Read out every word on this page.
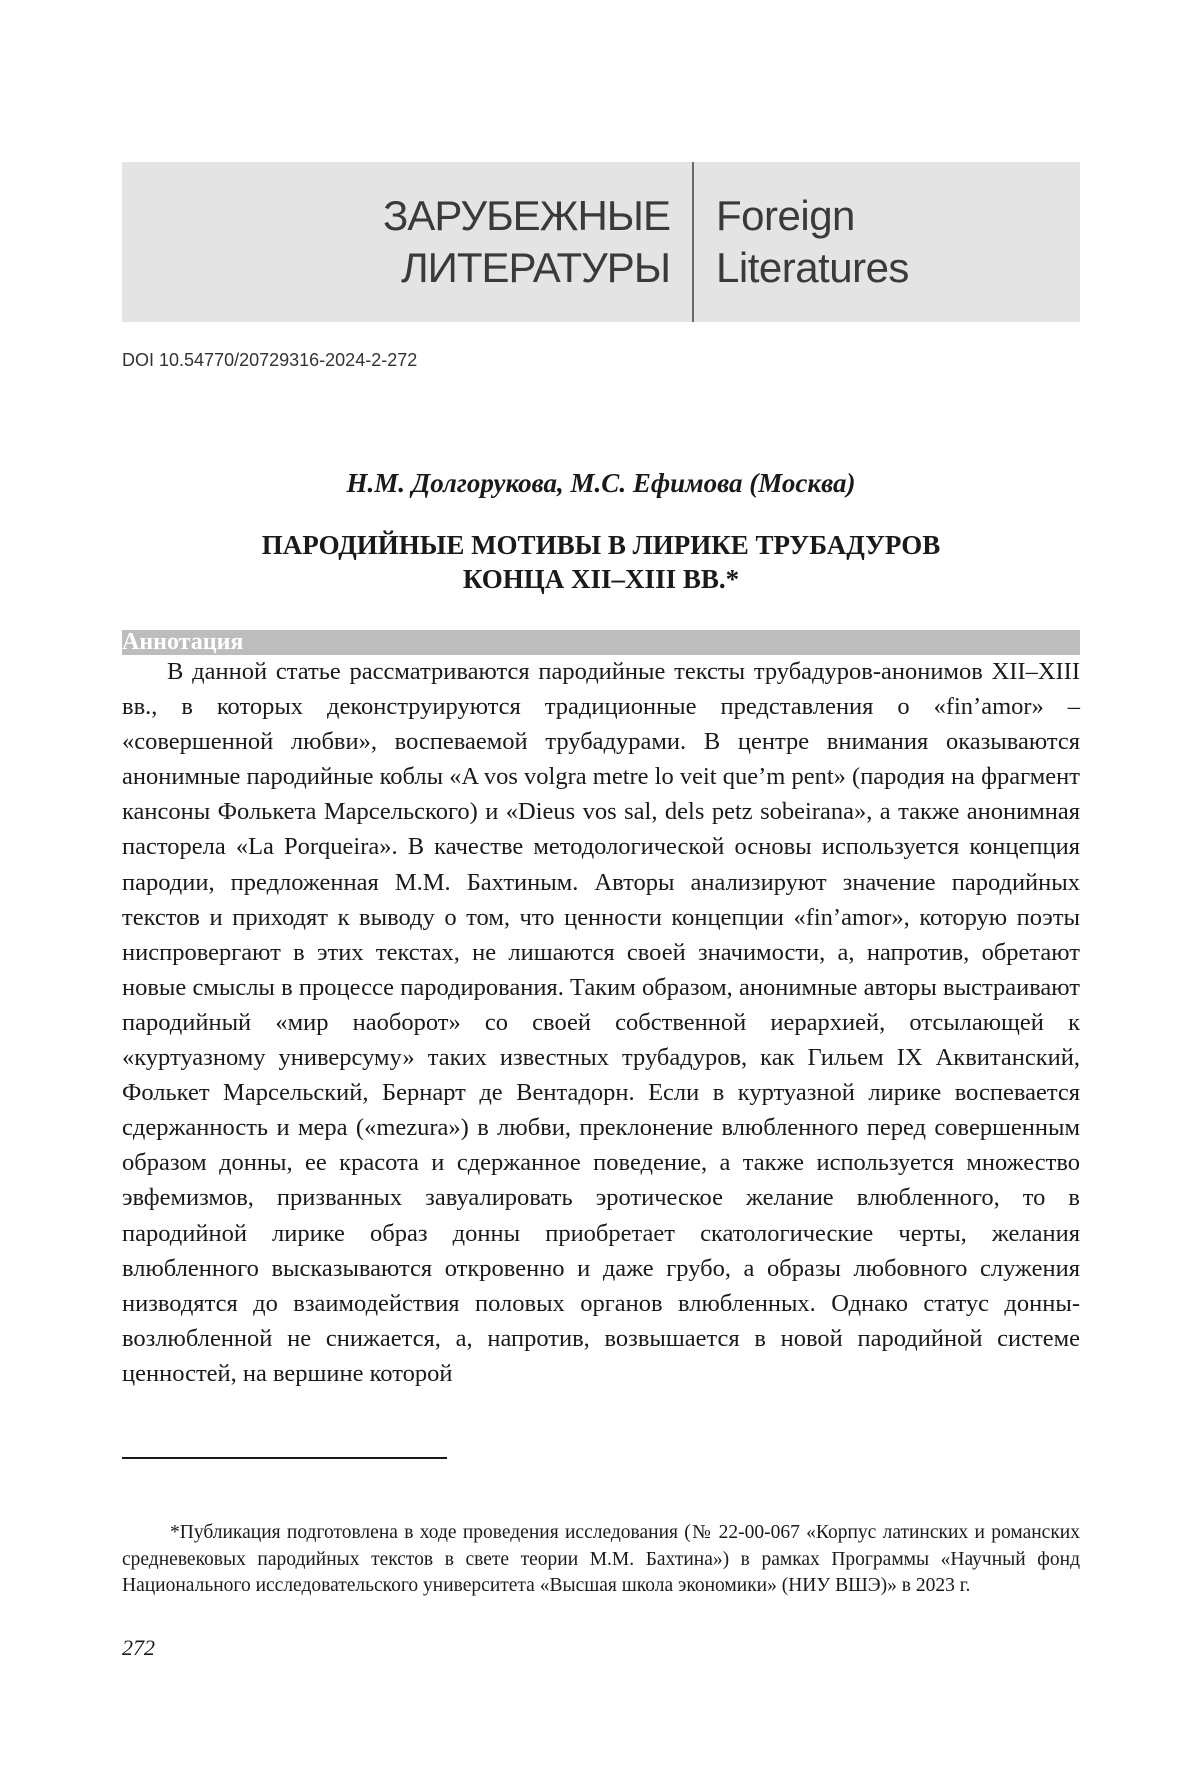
ЗАРУБЕЖНЫЕ
ЛИТЕРАТУРЫ
Foreign
Literatures
DOI 10.54770/20729316-2024-2-272
Н.М. Долгорукова, М.С. Ефимова (Москва)
ПАРОДИЙНЫЕ МОТИВЫ В ЛИРИКЕ ТРУБАДУРОВ
КОНЦА XII–XIII ВВ.*
Аннотация

В данной статье рассматриваются пародийные тексты трубадуров-анонимов XII–XIII вв., в которых деконструируются традиционные представления о «fin’amor» – «совершенной любви», воспеваемой трубадурами. В центре внимания оказываются анонимные пародийные коблы «A vos volgra metre lo veit que’m pent» (пародия на фрагмент кансоны Фолькета Марсельского) и «Dieus vos sal, dels petz sobeirana», а также анонимная пасторела «La Porqueira». В качестве методологической основы используется концепция пародии, предложенная М.М. Бахтиным. Авторы анализируют значение пародийных текстов и приходят к выводу о том, что ценности концепции «fin’amor», которую поэты ниспровергают в этих текстах, не лишаются своей значимости, а, напротив, обретают новые смыслы в процессе пародирования. Таким образом, анонимные авторы выстраивают пародийный «мир наоборот» со своей собственной иерархией, отсылающей к «куртуазному универсуму» таких известных трубадуров, как Гильем IX Аквитанский, Фолькет Марсельский, Бернарт де Вентадорн. Если в куртуазной лирике воспевается сдержанность и мера («mezura») в любви, преклонение влюбленного перед совершенным образом донны, ее красота и сдержанное поведение, а также используется множество эвфемизмов, призванных завуалировать эротическое желание влюбленного, то в пародийной лирике образ донны приобретает скатологические черты, желания влюбленного высказываются откровенно и даже грубо, а образы любовного служения низводятся до взаимодействия половых органов влюбленных. Однако статус донны-возлюбленной не снижается, а, напротив, возвышается в новой пародийной системе ценностей, на вершине которой

*Публикация подготовлена в ходе проведения исследования (№ 22-00-067 «Корпус латинских и романских средневековых пародийных текстов в свете теории М.М. Бахтина») в рамках Программы «Научный фонд Национального исследовательского университета «Высшая школа экономики» (НИУ ВШЭ)» в 2023 г.

272
